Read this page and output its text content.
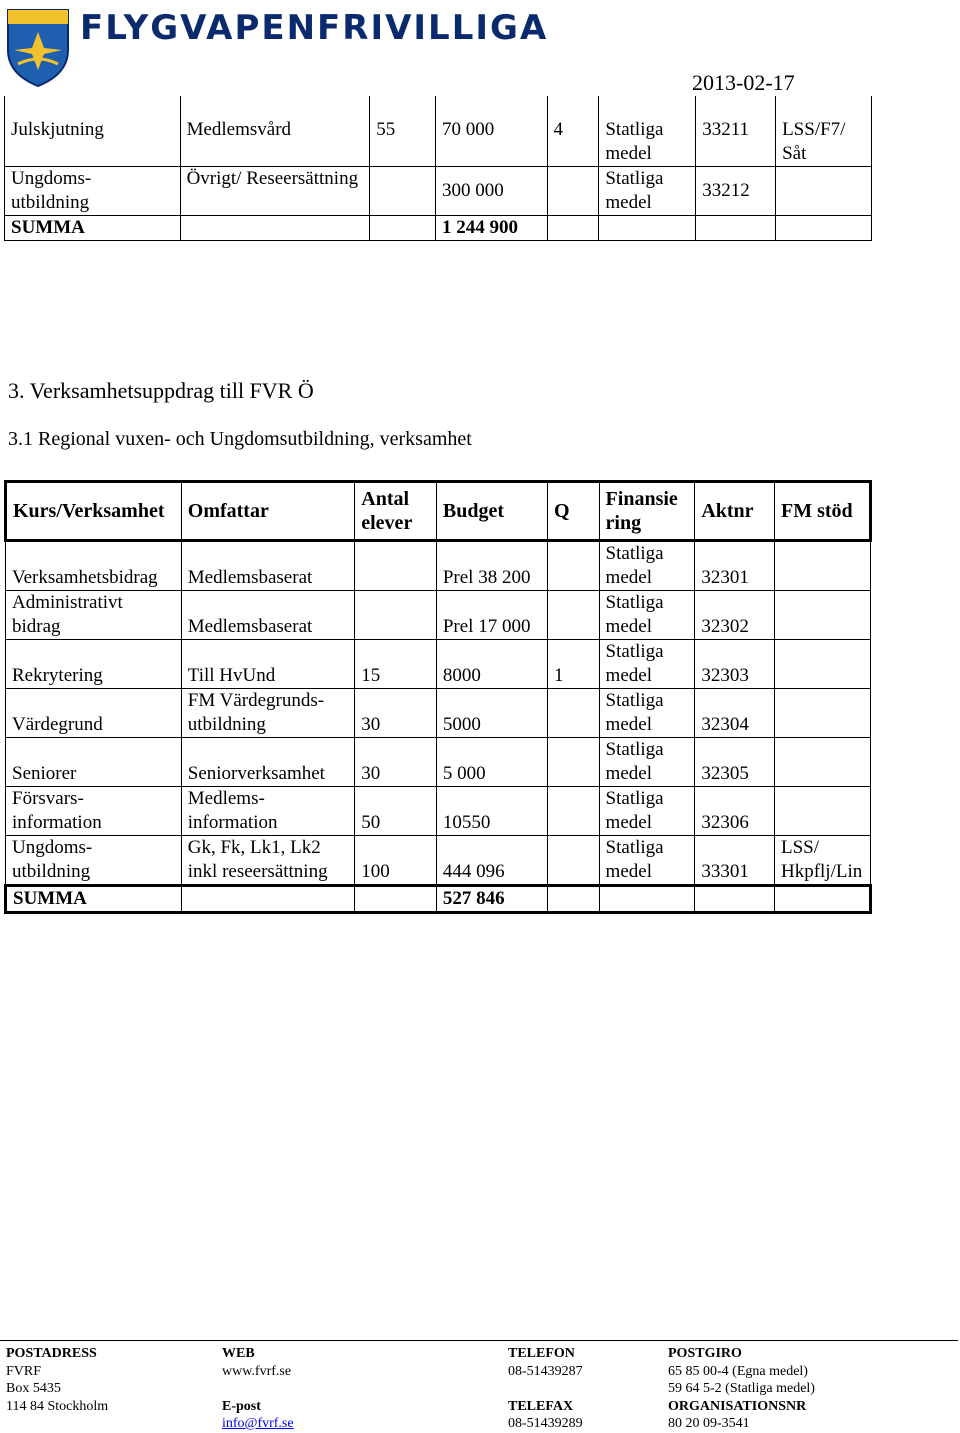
FLYGVAPENFRIVILLIGA
2013-02-17
Julskjutning	Medlemsvård	55	70 000	4	Statliga medel	33211	LSS/F7/ Såt
Ungdoms- utbildning	Övrigt/ Reseersättning		300 000		Statliga medel	33212	
SUMMA			1 244 900				
3. Verksamhetsuppdrag till FVR Ö
3.1 Regional vuxen- och Ungdomsutbildning, verksamhet
Kurs/Verksamhet	Omfattar	Antal elever	Budget	Q	Finansie ring	Aktnr	FM stöd
Verksamhetsbidrag	Medlemsbaserat		Prel 38 200		Statliga medel	32301	
Administrativt bidrag	Medlemsbaserat		Prel 17 000		Statliga medel	32302	
Rekrytering	Till HvUnd	15	8000	1	Statliga medel	32303	
Värdegrund	FM Värdegrunds- utbildning	30	5000		Statliga medel	32304	
Seniorer	Seniorverksamhet	30	5 000		Statliga medel	32305	
Försvars- information	Medlems- information	50	10550		Statliga medel	32306	
Ungdoms- utbildning	Gk, Fk, Lk1, Lk2 inkl reseersättning	100	444 096		Statliga medel	33301	LSS/ Hkpflj/Lin
SUMMA			527 846				
POSTADRESS
FVRF
Box 5435
114 84 Stockholm
WEB
www.fvrf.se
E-post
info@fvrf.se
TELEFON
08-51439287
TELEFAX
08-51439289
POSTGIRO
65 85 00-4 (Egna medel)
59 64 5-2 (Statliga medel)
ORGANISATIONSNR
80 20 09-3541
